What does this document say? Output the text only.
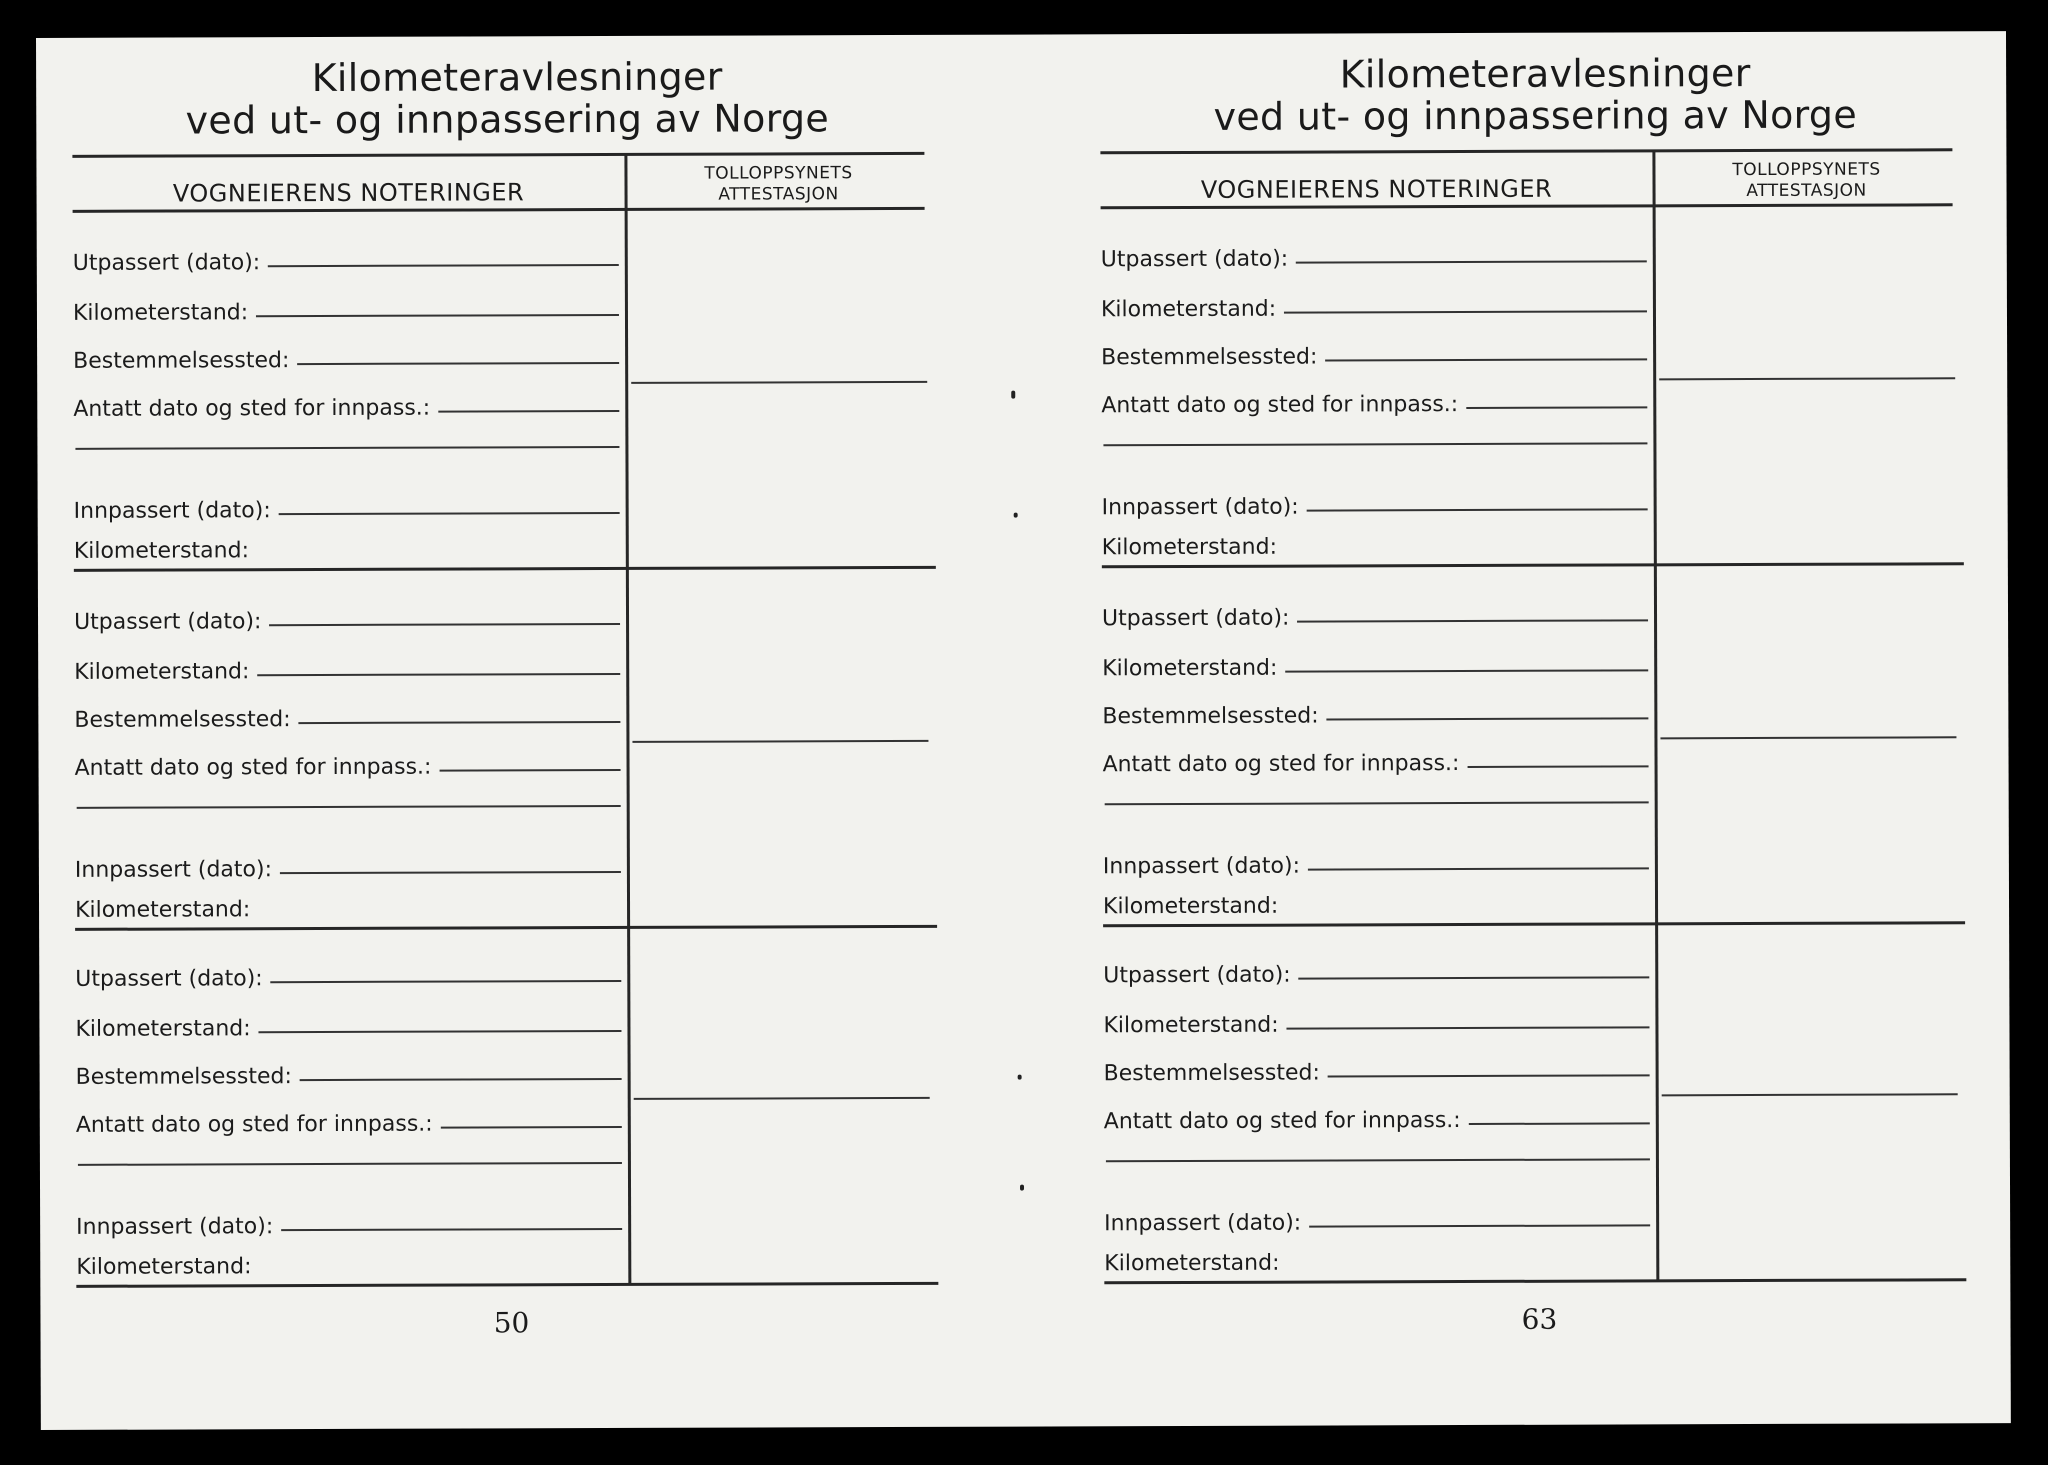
Kilometeravlesninger
ved ut- og innpassering av Norge
VOGNEIERENS NOTERINGER
TOLLOPPSYNETS
ATTESTASJON
Utpassert (dato):
Kilometerstand:
Bestemmelsessted:
Antatt dato og sted for innpass.:
Innpassert (dato):
Kilometerstand:
Utpassert (dato):
Kilometerstand:
Bestemmelsessted:
Antatt dato og sted for innpass.:
Innpassert (dato):
Kilometerstand:
Utpassert (dato):
Kilometerstand:
Bestemmelsessted:
Antatt dato og sted for innpass.:
Innpassert (dato):
Kilometerstand:
50
Kilometeravlesninger
ved ut- og innpassering av Norge
VOGNEIERENS NOTERINGER
TOLLOPPSYNETS
ATTESTASJON
Utpassert (dato):
Kilometerstand:
Bestemmelsessted:
Antatt dato og sted for innpass.:
Innpassert (dato):
Kilometerstand:
Utpassert (dato):
Kilometerstand:
Bestemmelsessted:
Antatt dato og sted for innpass.:
Innpassert (dato):
Kilometerstand:
Utpassert (dato):
Kilometerstand:
Bestemmelsessted:
Antatt dato og sted for innpass.:
Innpassert (dato):
Kilometerstand:
63
